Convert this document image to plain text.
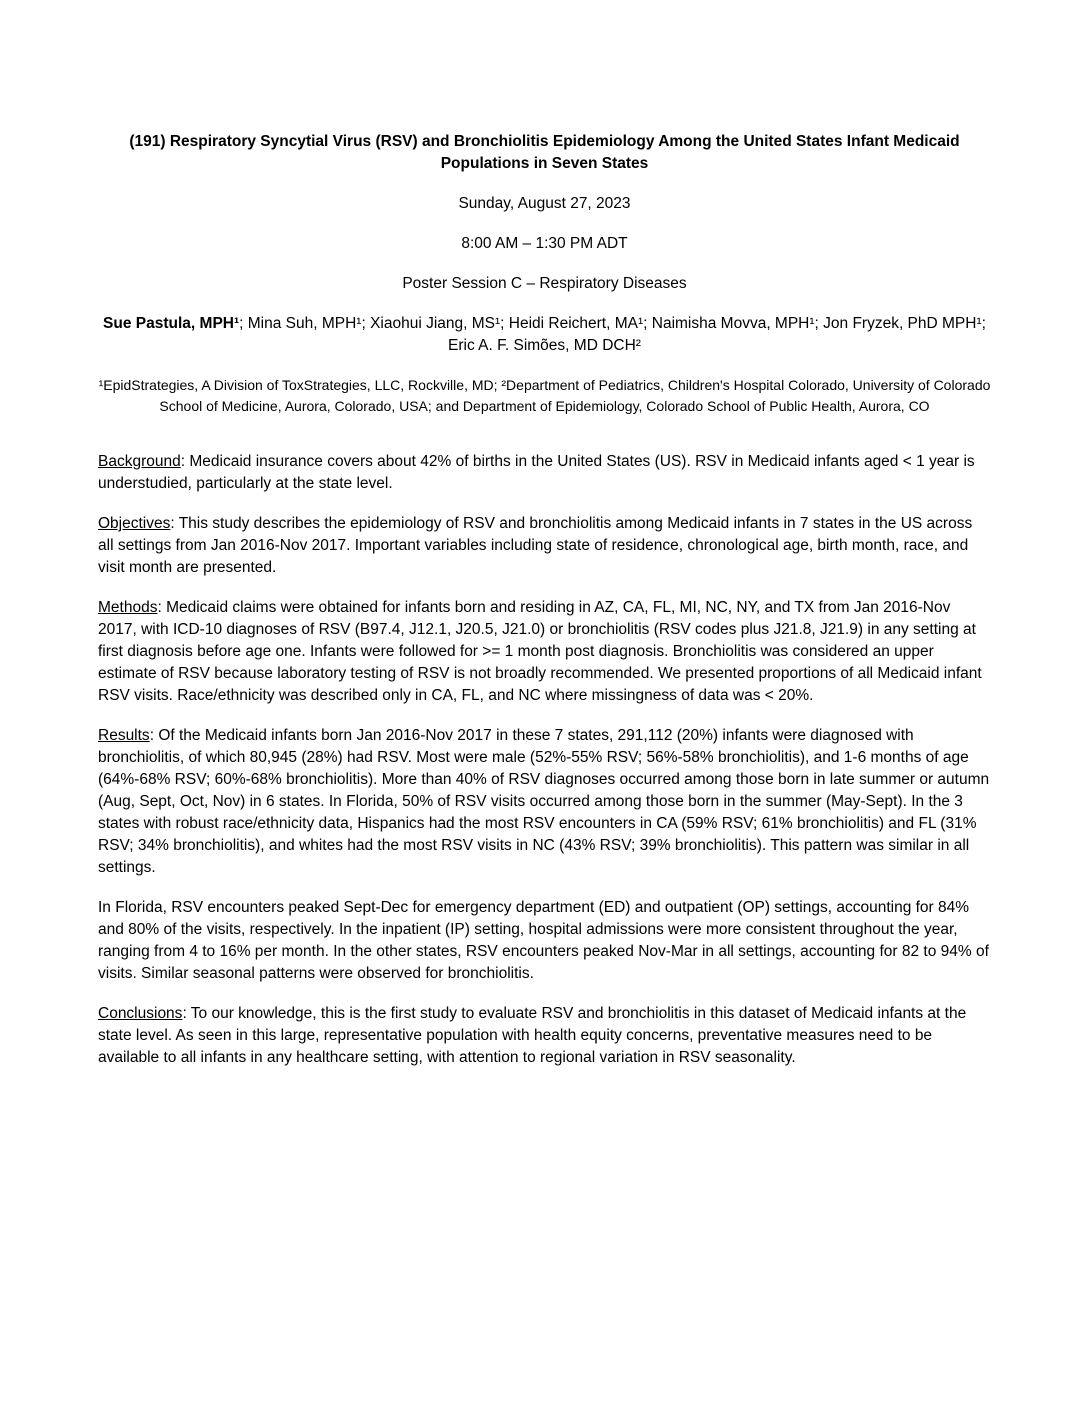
(191) Respiratory Syncytial Virus (RSV) and Bronchiolitis Epidemiology Among the United States Infant Medicaid Populations in Seven States

Sunday, August 27, 2023

8:00 AM – 1:30 PM ADT

Poster Session C – Respiratory Diseases

Sue Pastula, MPH¹; Mina Suh, MPH¹; Xiaohui Jiang, MS¹; Heidi Reichert, MA¹; Naimisha Movva, MPH¹; Jon Fryzek, PhD MPH¹; Eric A. F. Simões, MD DCH²

¹EpidStrategies, A Division of ToxStrategies, LLC, Rockville, MD; ²Department of Pediatrics, Children's Hospital Colorado, University of Colorado School of Medicine, Aurora, Colorado, USA; and Department of Epidemiology, Colorado School of Public Health, Aurora, CO

Background: Medicaid insurance covers about 42% of births in the United States (US). RSV in Medicaid infants aged < 1 year is understudied, particularly at the state level.

Objectives: This study describes the epidemiology of RSV and bronchiolitis among Medicaid infants in 7 states in the US across all settings from Jan 2016-Nov 2017. Important variables including state of residence, chronological age, birth month, race, and visit month are presented.

Methods: Medicaid claims were obtained for infants born and residing in AZ, CA, FL, MI, NC, NY, and TX from Jan 2016-Nov 2017, with ICD-10 diagnoses of RSV (B97.4, J12.1, J20.5, J21.0) or bronchiolitis (RSV codes plus J21.8, J21.9) in any setting at first diagnosis before age one. Infants were followed for >= 1 month post diagnosis. Bronchiolitis was considered an upper estimate of RSV because laboratory testing of RSV is not broadly recommended. We presented proportions of all Medicaid infant RSV visits. Race/ethnicity was described only in CA, FL, and NC where missingness of data was < 20%.

Results: Of the Medicaid infants born Jan 2016-Nov 2017 in these 7 states, 291,112 (20%) infants were diagnosed with bronchiolitis, of which 80,945 (28%) had RSV. Most were male (52%-55% RSV; 56%-58% bronchiolitis), and 1-6 months of age (64%-68% RSV; 60%-68% bronchiolitis). More than 40% of RSV diagnoses occurred among those born in late summer or autumn (Aug, Sept, Oct, Nov) in 6 states. In Florida, 50% of RSV visits occurred among those born in the summer (May-Sept). In the 3 states with robust race/ethnicity data, Hispanics had the most RSV encounters in CA (59% RSV; 61% bronchiolitis) and FL (31% RSV; 34% bronchiolitis), and whites had the most RSV visits in NC (43% RSV; 39% bronchiolitis). This pattern was similar in all settings.

In Florida, RSV encounters peaked Sept-Dec for emergency department (ED) and outpatient (OP) settings, accounting for 84% and 80% of the visits, respectively. In the inpatient (IP) setting, hospital admissions were more consistent throughout the year, ranging from 4 to 16% per month. In the other states, RSV encounters peaked Nov-Mar in all settings, accounting for 82 to 94% of visits. Similar seasonal patterns were observed for bronchiolitis.

Conclusions: To our knowledge, this is the first study to evaluate RSV and bronchiolitis in this dataset of Medicaid infants at the state level. As seen in this large, representative population with health equity concerns, preventative measures need to be available to all infants in any healthcare setting, with attention to regional variation in RSV seasonality.
